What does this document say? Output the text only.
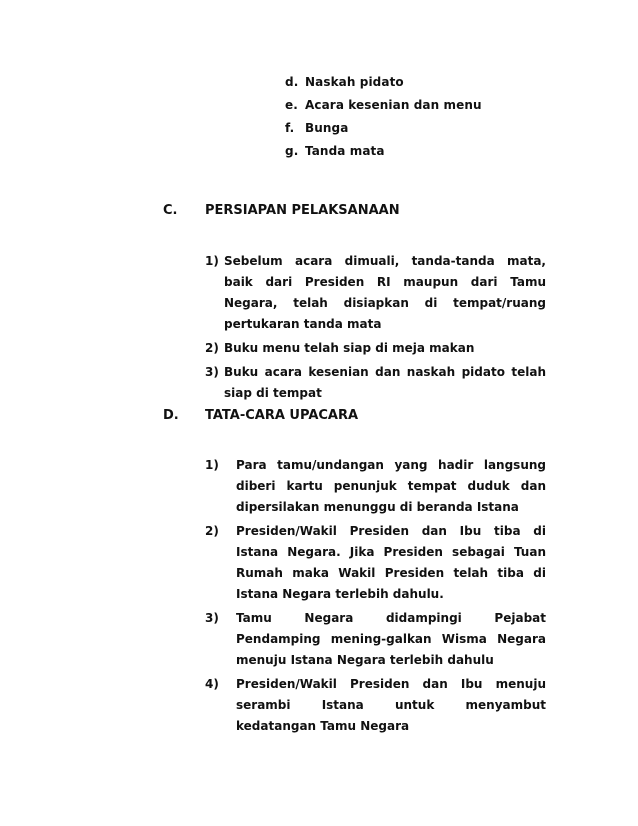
d. Naskah pidato
e. Acara kesenian dan menu
f. Bunga
g. Tanda mata
C.	PERSIAPAN PELAKSANAAN
1) Sebelum acara dimuali, tanda-tanda mata, baik dari Presiden RI maupun dari Tamu Negara, telah disiapkan di tempat/ruang pertukaran tanda mata
2) Buku menu telah siap di meja makan
3) Buku acara kesenian dan naskah pidato telah siap di tempat
D.	TATA-CARA UPACARA
1)	Para tamu/undangan yang hadir langsung diberi kartu penunjuk tempat duduk dan dipersilakan menunggu di beranda Istana
2)	Presiden/Wakil Presiden dan Ibu tiba di Istana Negara. Jika Presiden sebagai Tuan Rumah maka Wakil Presiden telah tiba di Istana Negara terlebih dahulu.
3)	Tamu Negara didampingi Pejabat Pendamping mening-galkan Wisma Negara menuju Istana Negara terlebih dahulu
4)	Presiden/Wakil Presiden dan Ibu menuju serambi Istana untuk menyambut kedatangan Tamu Negara
